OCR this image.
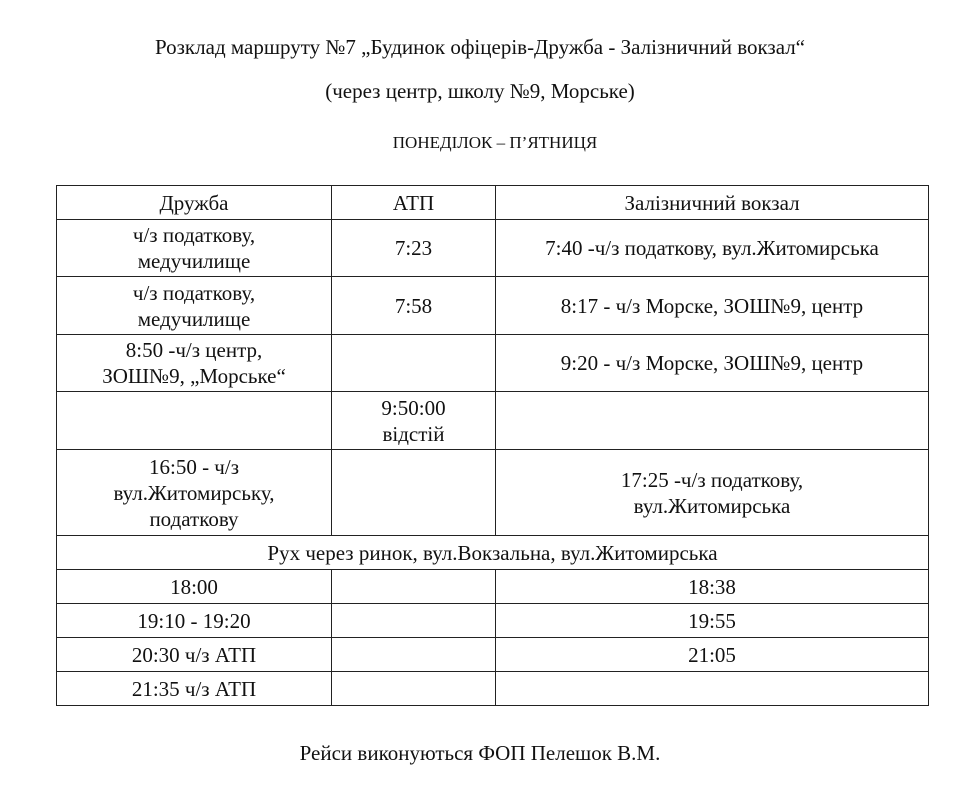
Розклад маршруту №7 „Будинок офіцерів-Дружба - Залізничний вокзал“
(через центр, школу №9, Морське)
ПОНЕДІЛОК – П’ЯТНИЦЯ
Дружба	АТП	Залізничний вокзал
ч/з податкову,
медучилище	7:23	7:40 -ч/з податкову, вул.Житомирська
ч/з податкову,
медучилище	7:58	8:17 - ч/з Морске, ЗОШ№9, центр
8:50 -ч/з центр,
ЗОШ№9, „Морське“		9:20 - ч/з Морске, ЗОШ№9, центр
	9:50:00
відстій	
16:50 - ч/з
вул.Житомирську,
податкову		17:25 -ч/з податкову,
вул.Житомирська
Рух через ринок, вул.Вокзальна, вул.Житомирська		
18:00		18:38
19:10 - 19:20		19:55
20:30 ч/з АТП		21:05
21:35 ч/з АТП		
Рейси виконуються ФОП Пелешок В.М.
